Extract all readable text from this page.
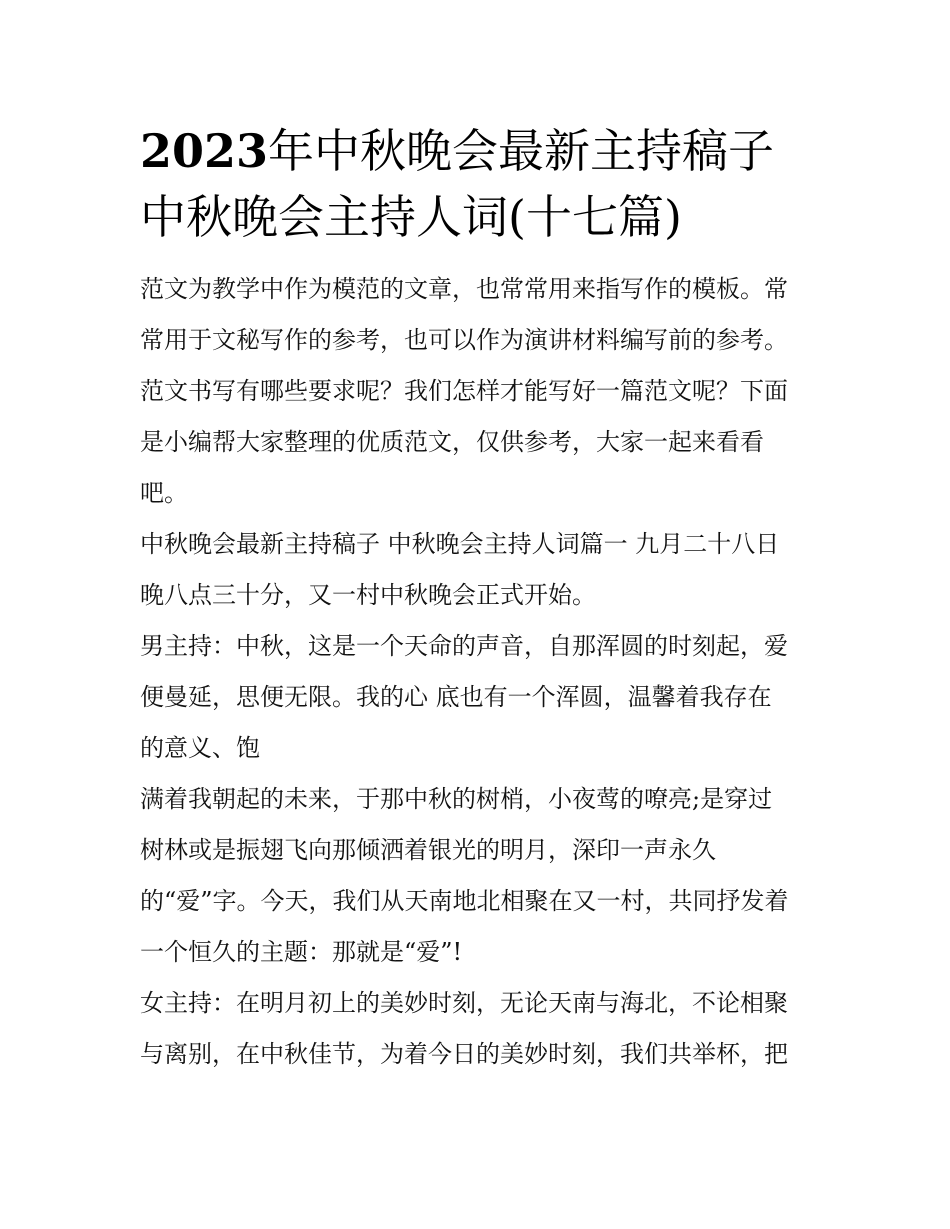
2023年中秋晚会最新主持稿子
中秋晚会主持人词(十七篇)
范文为教学中作为模范的文章，也常常用来指写作的模板。常
常用于文秘写作的参考，也可以作为演讲材料编写前的参考。
范文书写有哪些要求呢？我们怎样才能写好一篇范文呢？下面
是小编帮大家整理的优质范文，仅供参考，大家一起来看看
吧。
中秋晚会最新主持稿子 中秋晚会主持人词篇一 九月二十八日
晚八点三十分，又一村中秋晚会正式开始。
男主持：中秋，这是一个天命的声音，自那浑圆的时刻起，爱
便曼延，思便无限。我的心 底也有一个浑圆，温馨着我存在
的意义、饱
满着我朝起的未来，于那中秋的树梢，小夜莺的嘹亮;是穿过
树林或是振翅飞向那倾洒着银光的明月，深印一声永久
的“爱”字。今天，我们从天南地北相聚在又一村，共同抒发着
一个恒久的主题：那就是“爱”!
女主持：在明月初上的美妙时刻，无论天南与海北，不论相聚
与离别，在中秋佳节，为着今日的美妙时刻，我们共举杯，把
